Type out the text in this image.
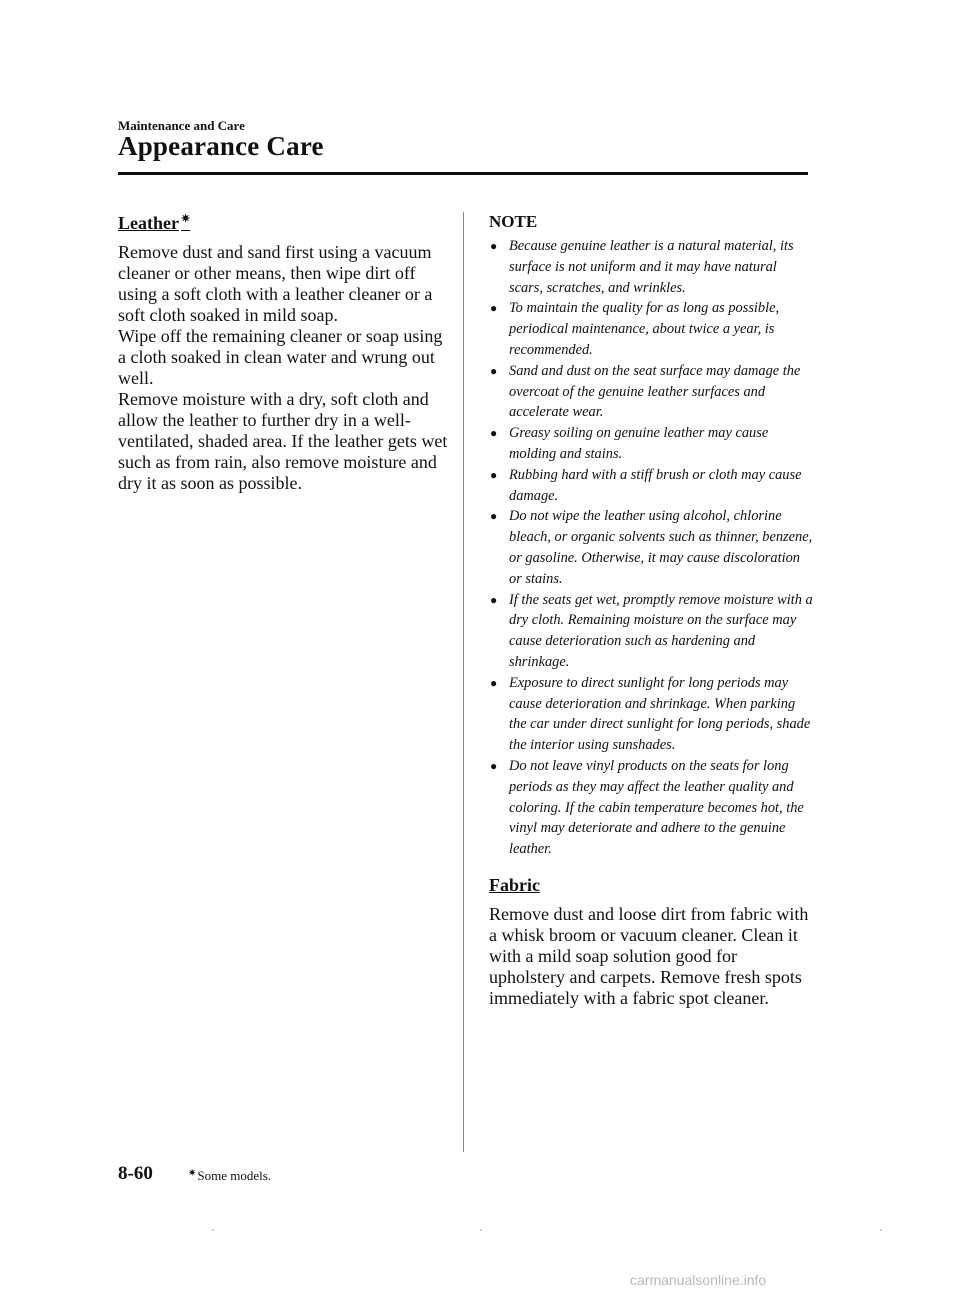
Maintenance and Care
Appearance Care
Leather ✷

Remove dust and sand first using a vacuum cleaner or other means, then wipe dirt off using a soft cloth with a leather cleaner or a soft cloth soaked in mild soap.

Wipe off the remaining cleaner or soap using a cloth soaked in clean water and wrung out well.

Remove moisture with a dry, soft cloth and allow the leather to further dry in a well-ventilated, shaded area. If the leather gets wet such as from rain, also remove moisture and dry it as soon as possible.

NOTE
● Because genuine leather is a natural material, its surface is not uniform and it may have natural scars, scratches, and wrinkles.
● To maintain the quality for as long as possible, periodical maintenance, about twice a year, is recommended.
● Sand and dust on the seat surface may damage the overcoat of the genuine leather surfaces and accelerate wear.
● Greasy soiling on genuine leather may cause molding and stains.
● Rubbing hard with a stiff brush or cloth may cause damage.
● Do not wipe the leather using alcohol, chlorine bleach, or organic solvents such as thinner, benzene, or gasoline. Otherwise, it may cause discoloration or stains.
● If the seats get wet, promptly remove moisture with a dry cloth. Remaining moisture on the surface may cause deterioration such as hardening and shrinkage.
● Exposure to direct sunlight for long periods may cause deterioration and shrinkage. When parking the car under direct sunlight for long periods, shade the interior using sunshades.
● Do not leave vinyl products on the seats for long periods as they may affect the leather quality and coloring. If the cabin temperature becomes hot, the vinyl may deteriorate and adhere to the genuine leather.
Fabric

Remove dust and loose dirt from fabric with a whisk broom or vacuum cleaner. Clean it with a mild soap solution good for upholstery and carpets. Remove fresh spots immediately with a fabric spot cleaner.

8-60	✷Some models.
carmanualsonline.info
